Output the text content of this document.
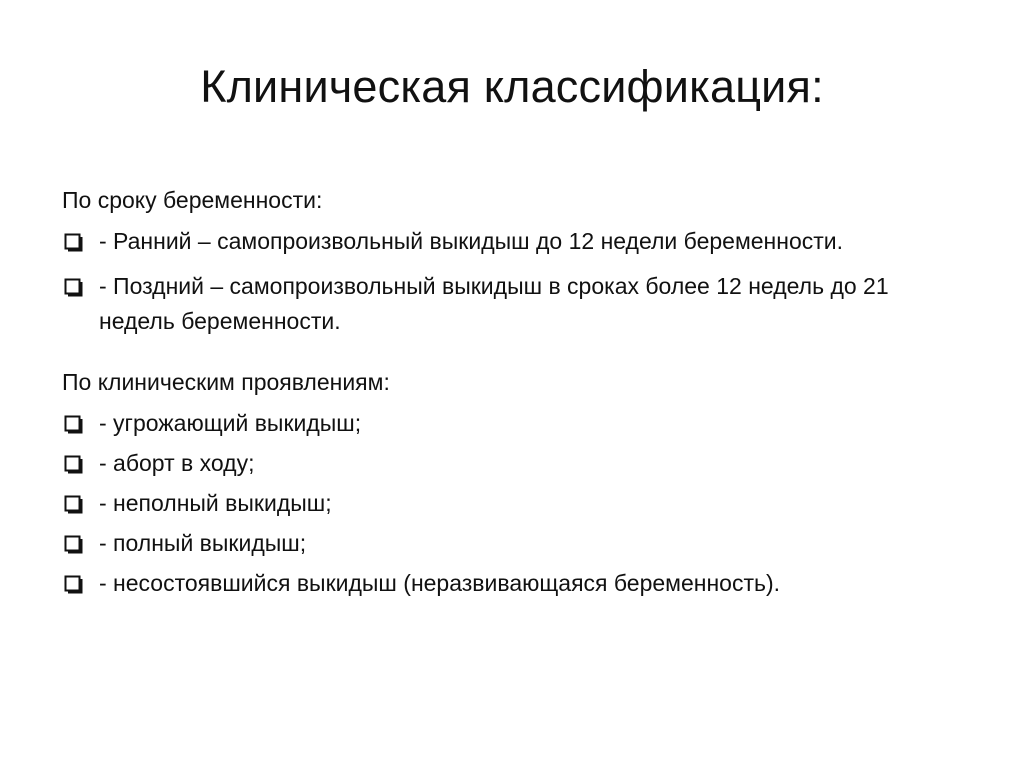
Клиническая классификация:
По сроку беременности:
- Ранний – самопроизвольный выкидыш до 12 недели беременности.
- Поздний – самопроизвольный выкидыш в сроках более 12 недель до 21 недель беременности.
По клиническим проявлениям:
- угрожающий выкидыш;
- аборт в ходу;
- неполный выкидыш;
- полный выкидыш;
- несостоявшийся выкидыш (неразвивающаяся беременность).
